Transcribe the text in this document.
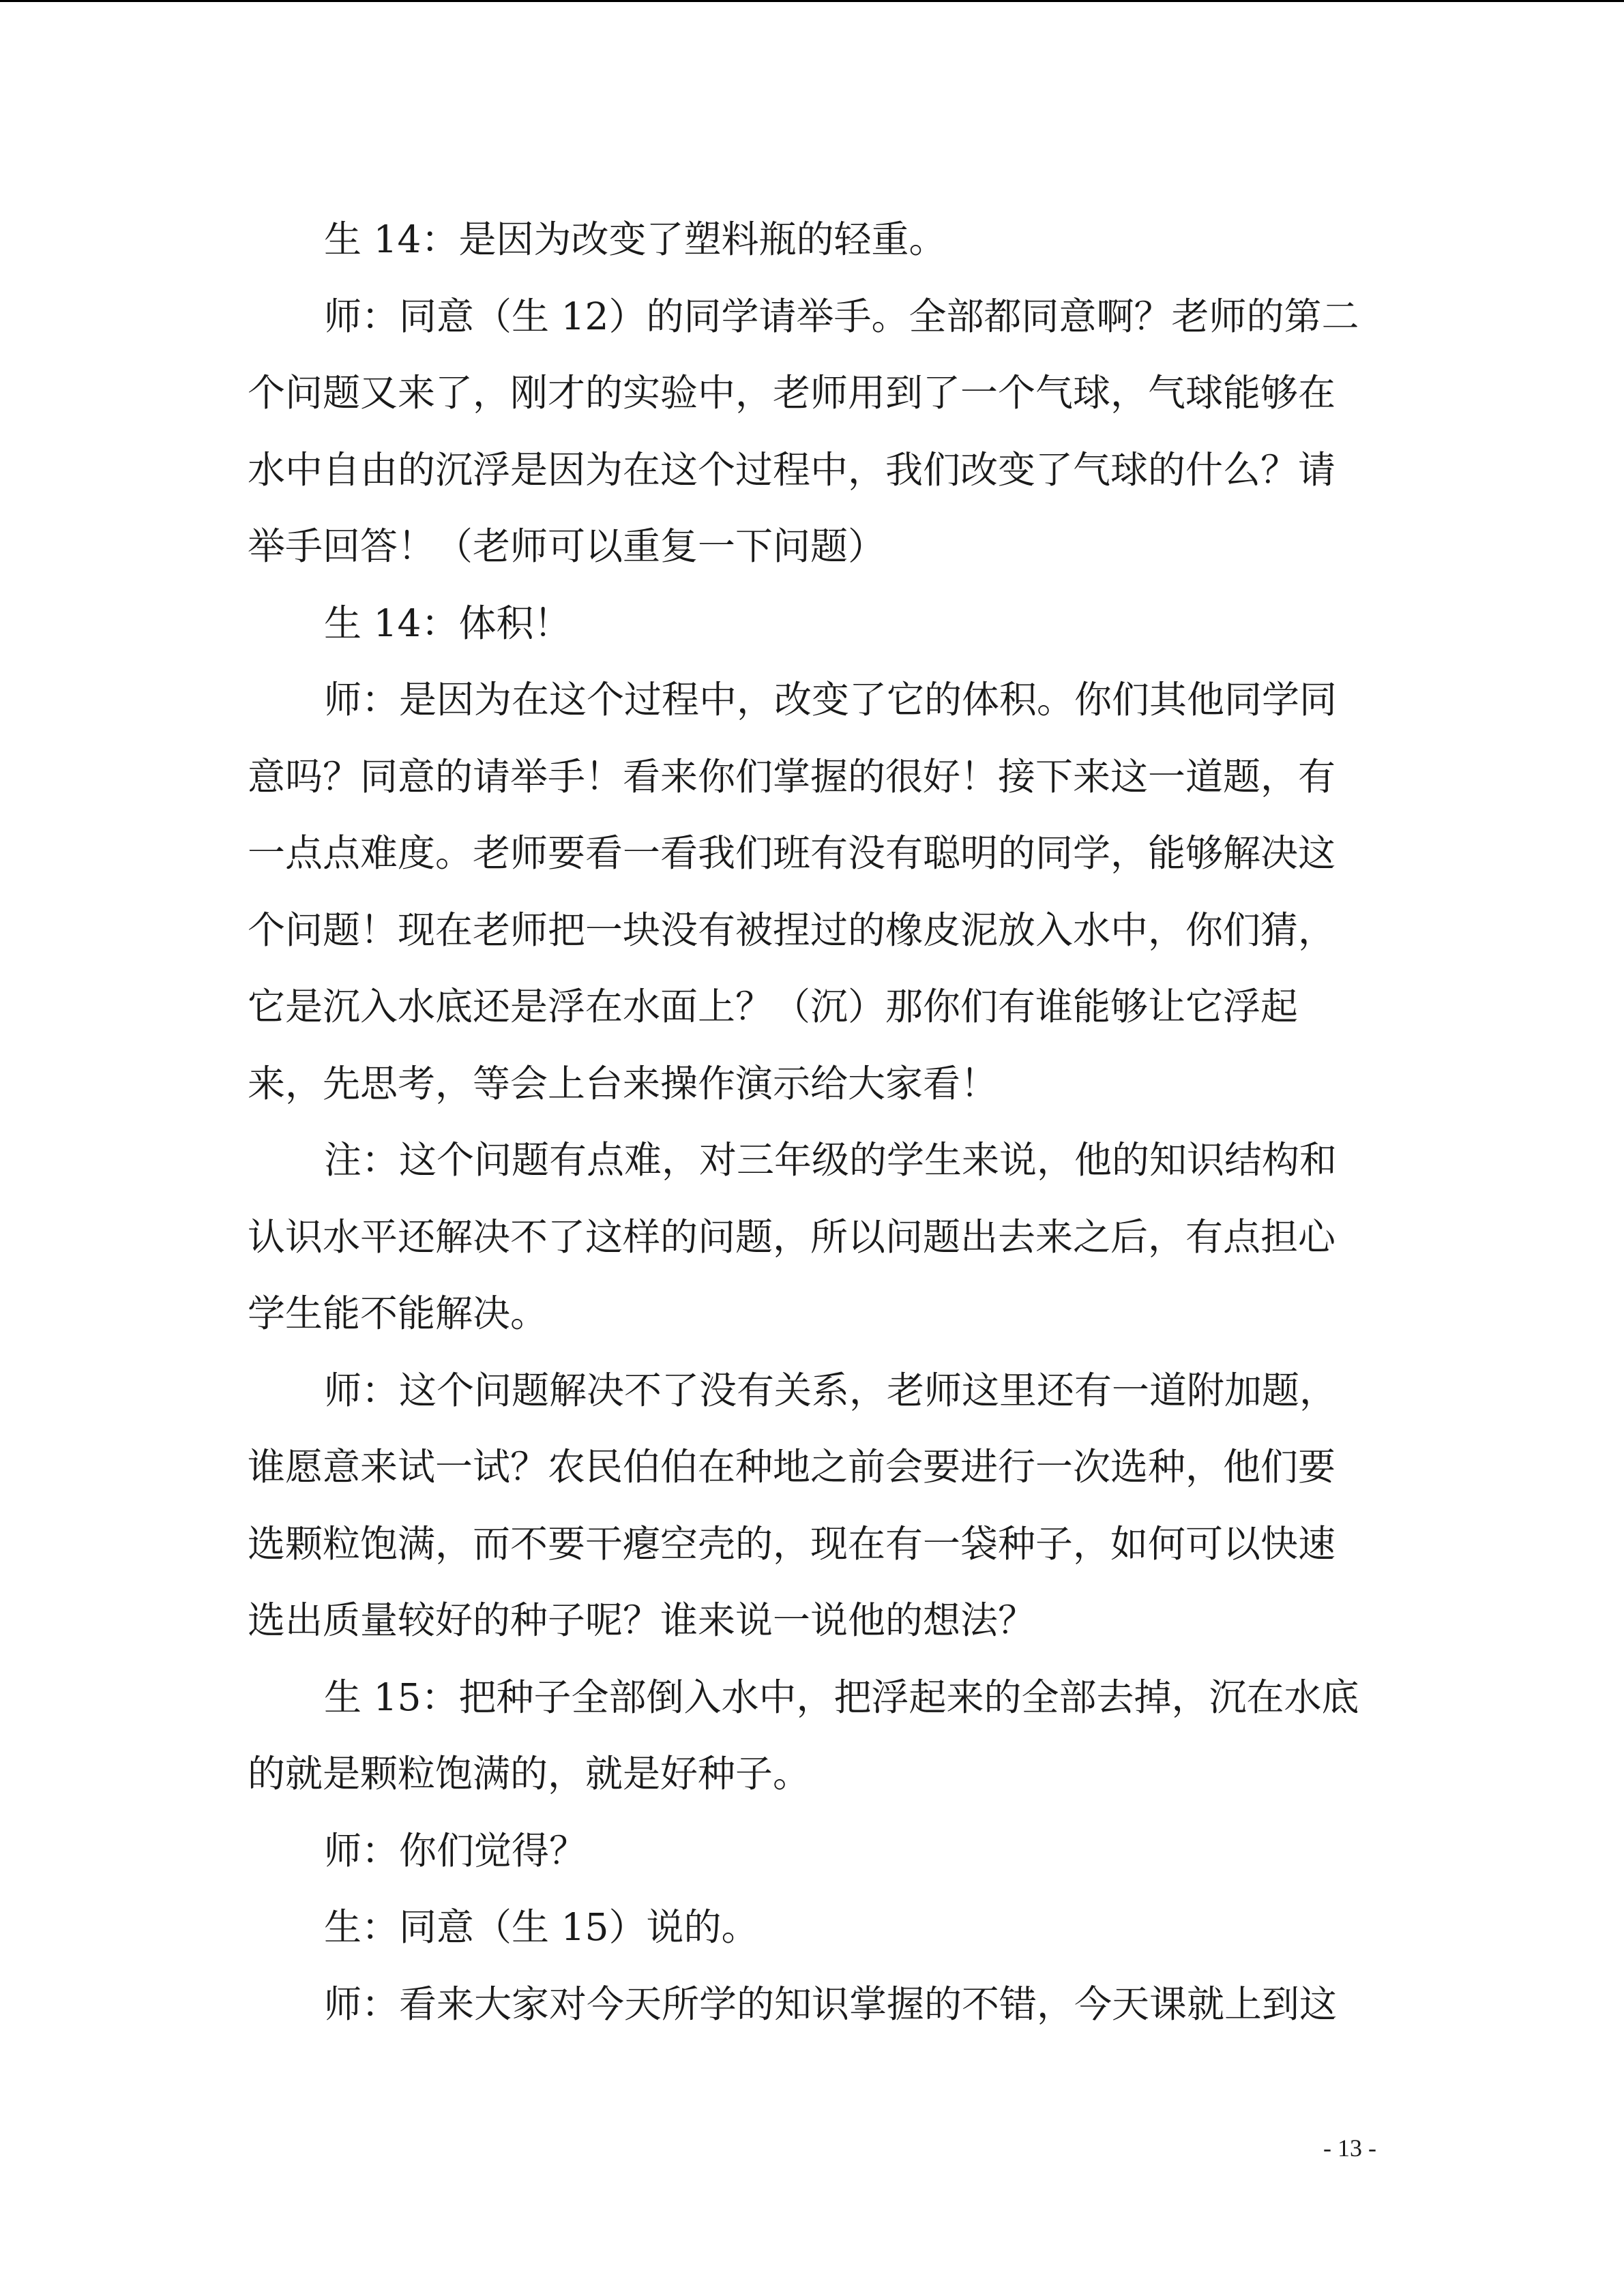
生 14：是因为改变了塑料瓶的轻重。
师：同意（生 12）的同学请举手。全部都同意啊？老师的第二
个问题又来了，刚才的实验中，老师用到了一个气球，气球能够在
水中自由的沉浮是因为在这个过程中，我们改变了气球的什么？请
举手回答！（老师可以重复一下问题）
生 14：体积！
师：是因为在这个过程中，改变了它的体积。你们其他同学同
意吗？同意的请举手！看来你们掌握的很好！接下来这一道题，有
一点点难度。老师要看一看我们班有没有聪明的同学，能够解决这
个问题！现在老师把一块没有被捏过的橡皮泥放入水中，你们猜，
它是沉入水底还是浮在水面上？（沉）那你们有谁能够让它浮起
来，先思考，等会上台来操作演示给大家看！
注：这个问题有点难，对三年级的学生来说，他的知识结构和
认识水平还解决不了这样的问题，所以问题出去来之后，有点担心
学生能不能解决。
师：这个问题解决不了没有关系，老师这里还有一道附加题，
谁愿意来试一试？农民伯伯在种地之前会要进行一次选种，他们要
选颗粒饱满，而不要干瘪空壳的，现在有一袋种子，如何可以快速
选出质量较好的种子呢？谁来说一说他的想法？
生 15：把种子全部倒入水中，把浮起来的全部去掉，沉在水底
的就是颗粒饱满的，就是好种子。
师：你们觉得？
生：同意（生 15）说的。
师：看来大家对今天所学的知识掌握的不错，今天课就上到这
- 13 -
